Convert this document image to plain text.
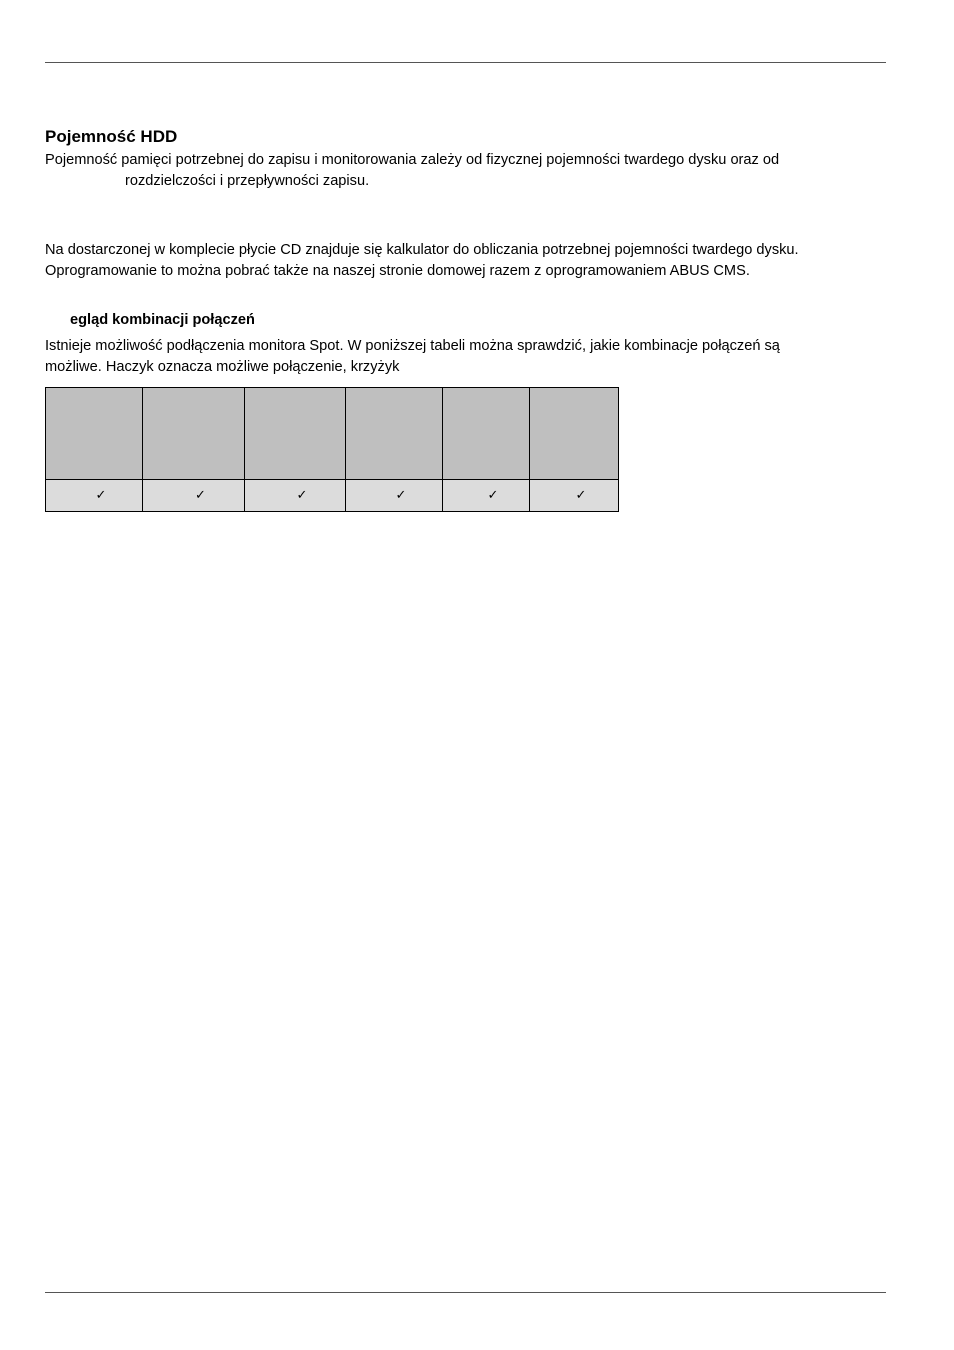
Pojemność HDD

Pojemność pamięci potrzebnej do zapisu i monitorowania zależy od fizycznej pojemności twardego dysku oraz od
rozdzielczości i przepływności zapisu.

Na dostarczonej w komplecie płycie CD znajduje się kalkulator do obliczania potrzebnej pojemności twardego dysku.
Oprogramowanie to można pobrać także na naszej stronie domowej razem z oprogramowaniem ABUS CMS.

egląd kombinacji połączeń

Istnieje możliwość podłączenia monitora Spot. W poniższej tabeli można sprawdzić, jakie kombinacje połączeń są
możliwe. Haczyk oznacza możliwe połączenie, krzyżyk

✓	✓	✓	✓	✓	✓
